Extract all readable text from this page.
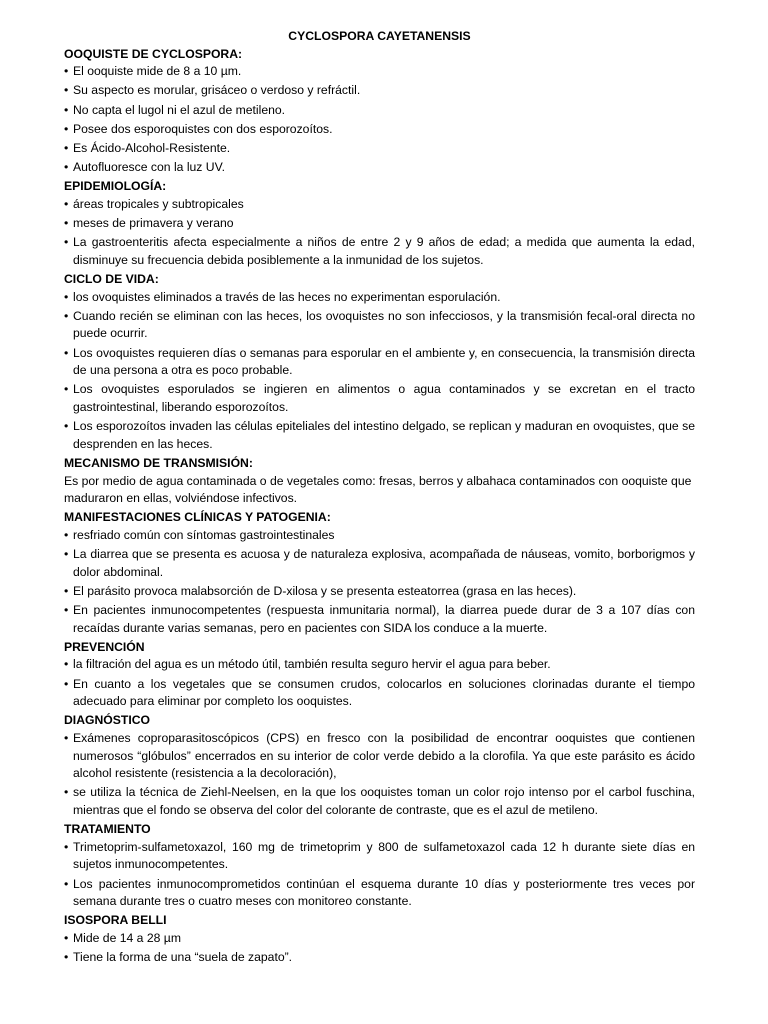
CYCLOSPORA CAYETANENSIS

OOQUISTE DE CYCLOSPORA:

• El ooquiste mide de 8 a 10 µm.
• Su aspecto es morular, grisáceo o verdoso y refráctil.
• No capta el lugol ni el azul de metileno.
• Posee dos esporoquistes con dos esporozoítos.
• Es Ácido-Alcohol-Resistente.
• Autofluoresce con la luz UV.

EPIDEMIOLOGÍA:

• áreas tropicales y subtropicales
• meses de primavera y verano
• La gastroenteritis afecta especialmente a niños de entre 2 y 9 años de edad; a medida que aumenta la edad, disminuye su frecuencia debida posiblemente a la inmunidad de los sujetos.

CICLO DE VIDA:

• los ovoquistes eliminados a través de las heces no experimentan esporulación.
• Cuando recién se eliminan con las heces, los ovoquistes no son infecciosos, y la transmisión fecal-oral directa no puede ocurrir.
• Los ovoquistes requieren días o semanas para esporular en el ambiente y, en consecuencia, la transmisión directa de una persona a otra es poco probable.
• Los ovoquistes esporulados se ingieren en alimentos o agua contaminados y se excretan en el tracto gastrointestinal, liberando esporozoítos.
• Los esporozoítos invaden las células epiteliales del intestino delgado, se replican y maduran en ovoquistes, que se desprenden en las heces.

MECANISMO DE TRANSMISIÓN:

Es por medio de agua contaminada o de vegetales como: fresas, berros y albahaca contaminados con ooquiste que maduraron en ellas, volviéndose infectivos.

MANIFESTACIONES CLÍNICAS Y PATOGENIA:

• resfriado común con síntomas gastrointestinales
• La diarrea que se presenta es acuosa y de naturaleza explosiva, acompañada de náuseas, vomito, borborigmos y dolor abdominal.
• El parásito provoca malabsorción de D-xilosa y se presenta esteatorrea (grasa en las heces).
• En pacientes inmunocompetentes (respuesta inmunitaria normal), la diarrea puede durar de 3 a 107 días con recaídas durante varias semanas, pero en pacientes con SIDA los conduce a la muerte.

PREVENCIÓN

• la filtración del agua es un método útil, también resulta seguro hervir el agua para beber.
• En cuanto a los vegetales que se consumen crudos, colocarlos en soluciones clorinadas durante el tiempo adecuado para eliminar por completo los ooquistes.

DIAGNÓSTICO

• Exámenes coproparasitoscópicos (CPS) en fresco con la posibilidad de encontrar ooquistes que contienen numerosos “glóbulos” encerrados en su interior de color verde debido a la clorofila. Ya que este parásito es ácido alcohol resistente (resistencia a la decoloración),
• se utiliza la técnica de Ziehl-Neelsen, en la que los ooquistes toman un color rojo intenso por el carbol fuschina, mientras que el fondo se observa del color del colorante de contraste, que es el azul de metileno.

TRATAMIENTO

• Trimetoprim-sulfametoxazol, 160 mg de trimetoprim y 800 de sulfametoxazol cada 12 h durante siete días en sujetos inmunocompetentes.
• Los pacientes inmunocomprometidos continúan el esquema durante 10 días y posteriormente tres veces por semana durante tres o cuatro meses con monitoreo constante.

ISOSPORA BELLI

• Mide de 14 a 28 µm
• Tiene la forma de una “suela de zapato”.
